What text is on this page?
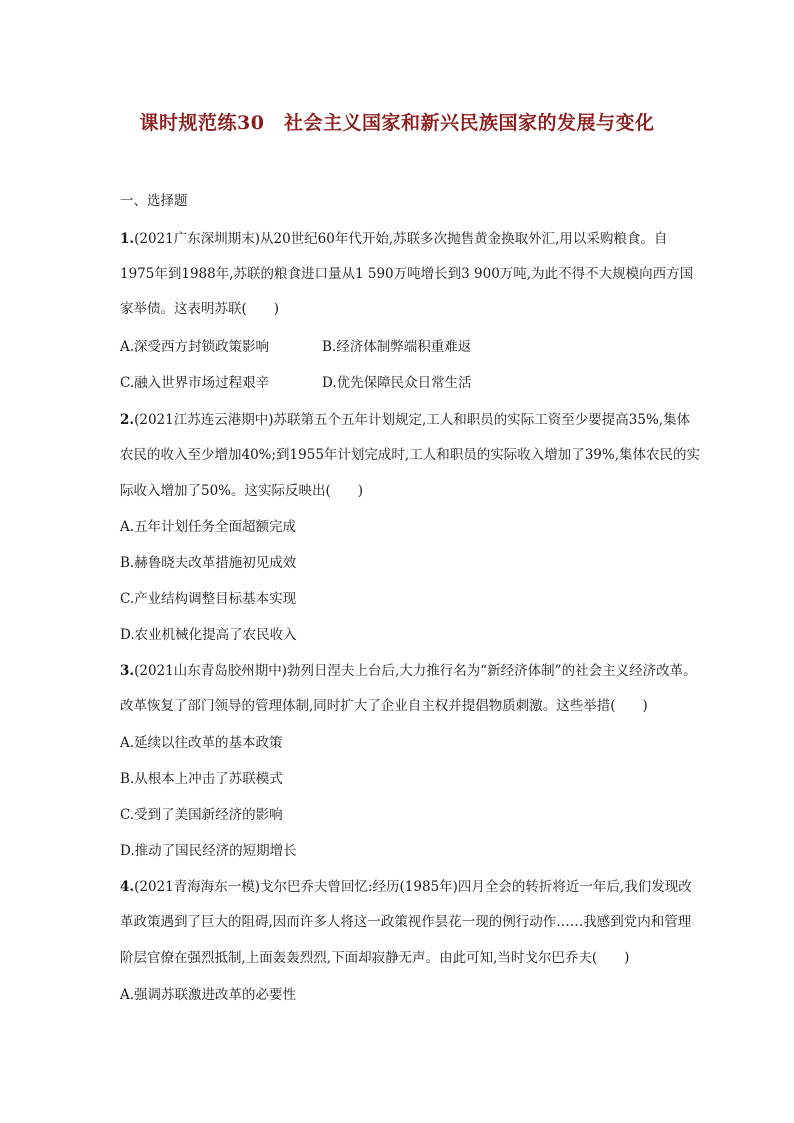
课时规范练30　社会主义国家和新兴民族国家的发展与变化

一、选择题

1.(2021广东深圳期末)从20世纪60年代开始,苏联多次抛售黄金换取外汇,用以采购粮食。自

1975年到1988年,苏联的粮食进口量从1 590万吨增长到3 900万吨,为此不得不大规模向西方国

家举债。这表明苏联(　　)

A.深受西方封锁政策影响	B.经济体制弊端积重难返

C.融入世界市场过程艰辛	D.优先保障民众日常生活

2.(2021江苏连云港期中)苏联第五个五年计划规定,工人和职员的实际工资至少要提高35%,集体

农民的收入至少增加40%;到1955年计划完成时,工人和职员的实际收入增加了39%,集体农民的实

际收入增加了50%。这实际反映出(　　)

A.五年计划任务全面超额完成

B.赫鲁晓夫改革措施初见成效

C.产业结构调整目标基本实现

D.农业机械化提高了农民收入

3.(2021山东青岛胶州期中)勃列日涅夫上台后,大力推行名为“新经济体制”的社会主义经济改革。

改革恢复了部门领导的管理体制,同时扩大了企业自主权并提倡物质刺激。这些举措(　　)

A.延续以往改革的基本政策

B.从根本上冲击了苏联模式

C.受到了美国新经济的影响

D.推动了国民经济的短期增长

4.(2021青海海东一模)戈尔巴乔夫曾回忆:经历(1985年)四月全会的转折将近一年后,我们发现改

革政策遇到了巨大的阻碍,因而许多人将这一政策视作昙花一现的例行动作……我感到党内和管理

阶层官僚在强烈抵制,上面轰轰烈烈,下面却寂静无声。由此可知,当时戈尔巴乔夫(　　)

A.强调苏联激进改革的必要性
